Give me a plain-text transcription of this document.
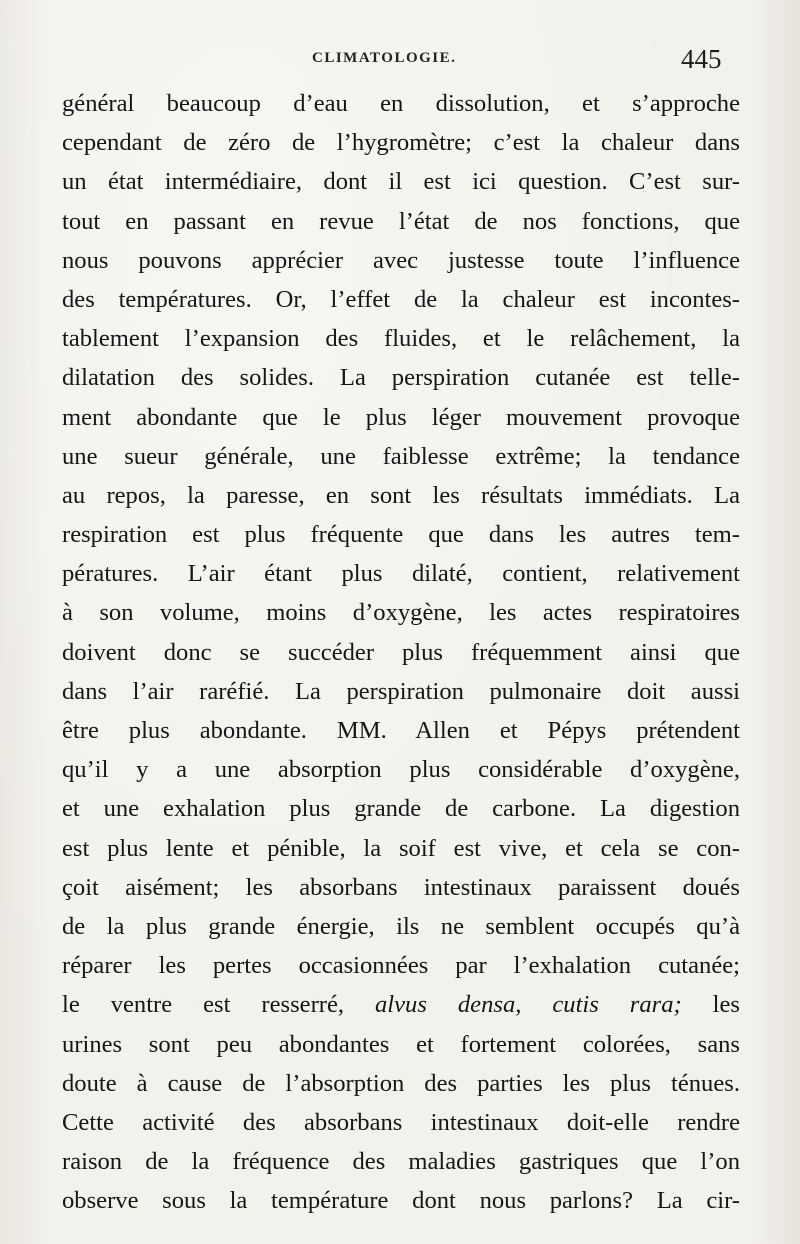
CLIMATOLOGIE.	445
général beaucoup d’eau en dissolution, et s’approche
cependant de zéro de l’hygromètre; c’est la chaleur dans
un état intermédiaire, dont il est ici question. C’est sur-
tout en passant en revue l’état de nos fonctions, que
nous pouvons apprécier avec justesse toute l’influence
des températures. Or, l’effet de la chaleur est incontes-
tablement l’expansion des fluides, et le relâchement, la
dilatation des solides. La perspiration cutanée est telle-
ment abondante que le plus léger mouvement provoque
une sueur générale, une faiblesse extrême; la tendance
au repos, la paresse, en sont les résultats immédiats. La
respiration est plus fréquente que dans les autres tem-
pératures. L’air étant plus dilaté, contient, relativement
à son volume, moins d’oxygène, les actes respiratoires
doivent donc se succéder plus fréquemment ainsi que
dans l’air raréfié. La perspiration pulmonaire doit aussi
être plus abondante. MM. Allen et Pépys prétendent
qu’il y a une absorption plus considérable d’oxygène,
et une exhalation plus grande de carbone. La digestion
est plus lente et pénible, la soif est vive, et cela se con-
çoit aisément; les absorbans intestinaux paraissent doués
de la plus grande énergie, ils ne semblent occupés qu’à
réparer les pertes occasionnées par l’exhalation cutanée;
le ventre est resserré, alvus densa, cutis rara; les
urines sont peu abondantes et fortement colorées, sans
doute à cause de l’absorption des parties les plus ténues.
Cette activité des absorbans intestinaux doit-elle rendre
raison de la fréquence des maladies gastriques que l’on
observe sous la température dont nous parlons? La cir-
